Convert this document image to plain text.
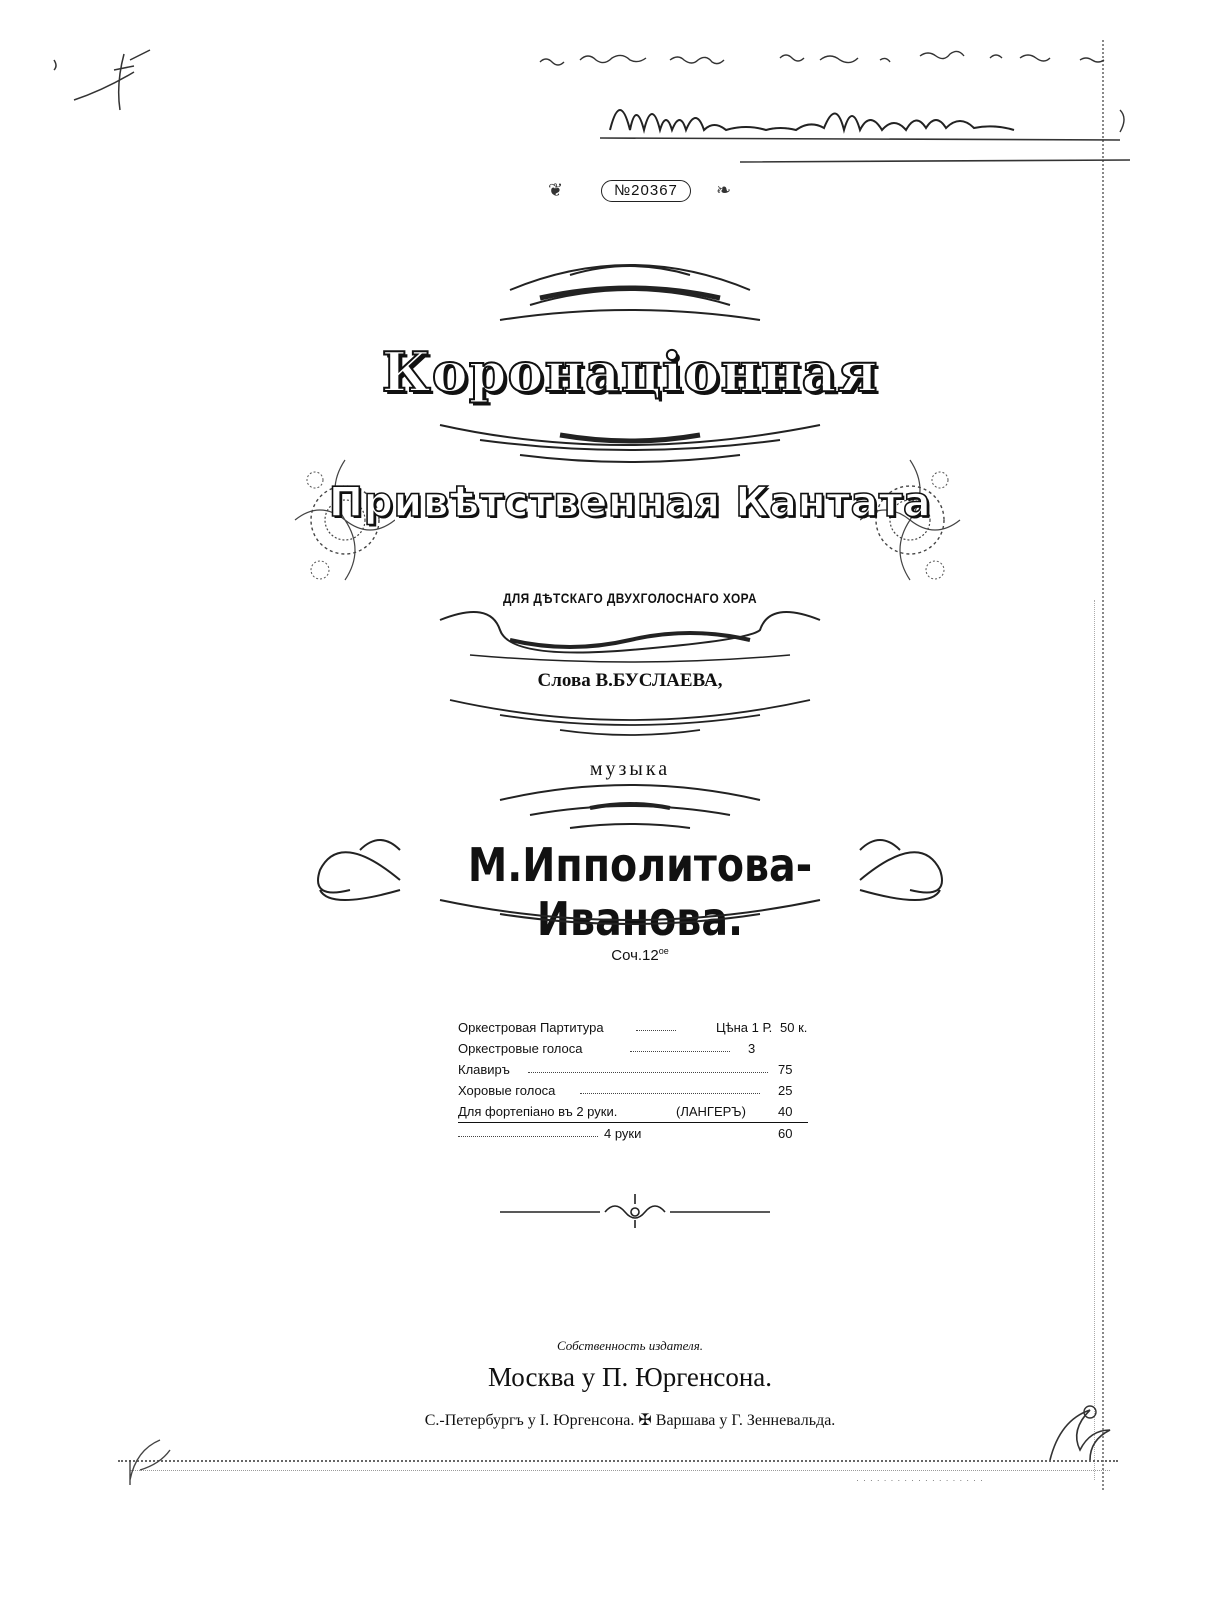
❦	№20367	❧
Коронаціонная
Привѣтственная Кантата
ДЛЯ ДѢТСКАГО ДВУХГОЛОСНАГО ХОРА
Слова В.БУСЛАЕВА,
музыка
М.Ипполитова-Иванова.
$Соч.12^{ое}$
Оркестровая Партитура	Цѣна 1 Р. 50 к.
Оркестровые голоса	3
Клавиръ	75
Хоровые голоса	25
Для фортепіано въ 2 руки.	(ЛАНГЕРЪ) 40
4 руки	60
Собственность издателя.
Москва у П. Юргенсона.
С.-Петербургъ у І. Юргенсона. ✠ Варшава у Г. Зенневальда.
· · · · · · · · · · · · · · · · · · ·
